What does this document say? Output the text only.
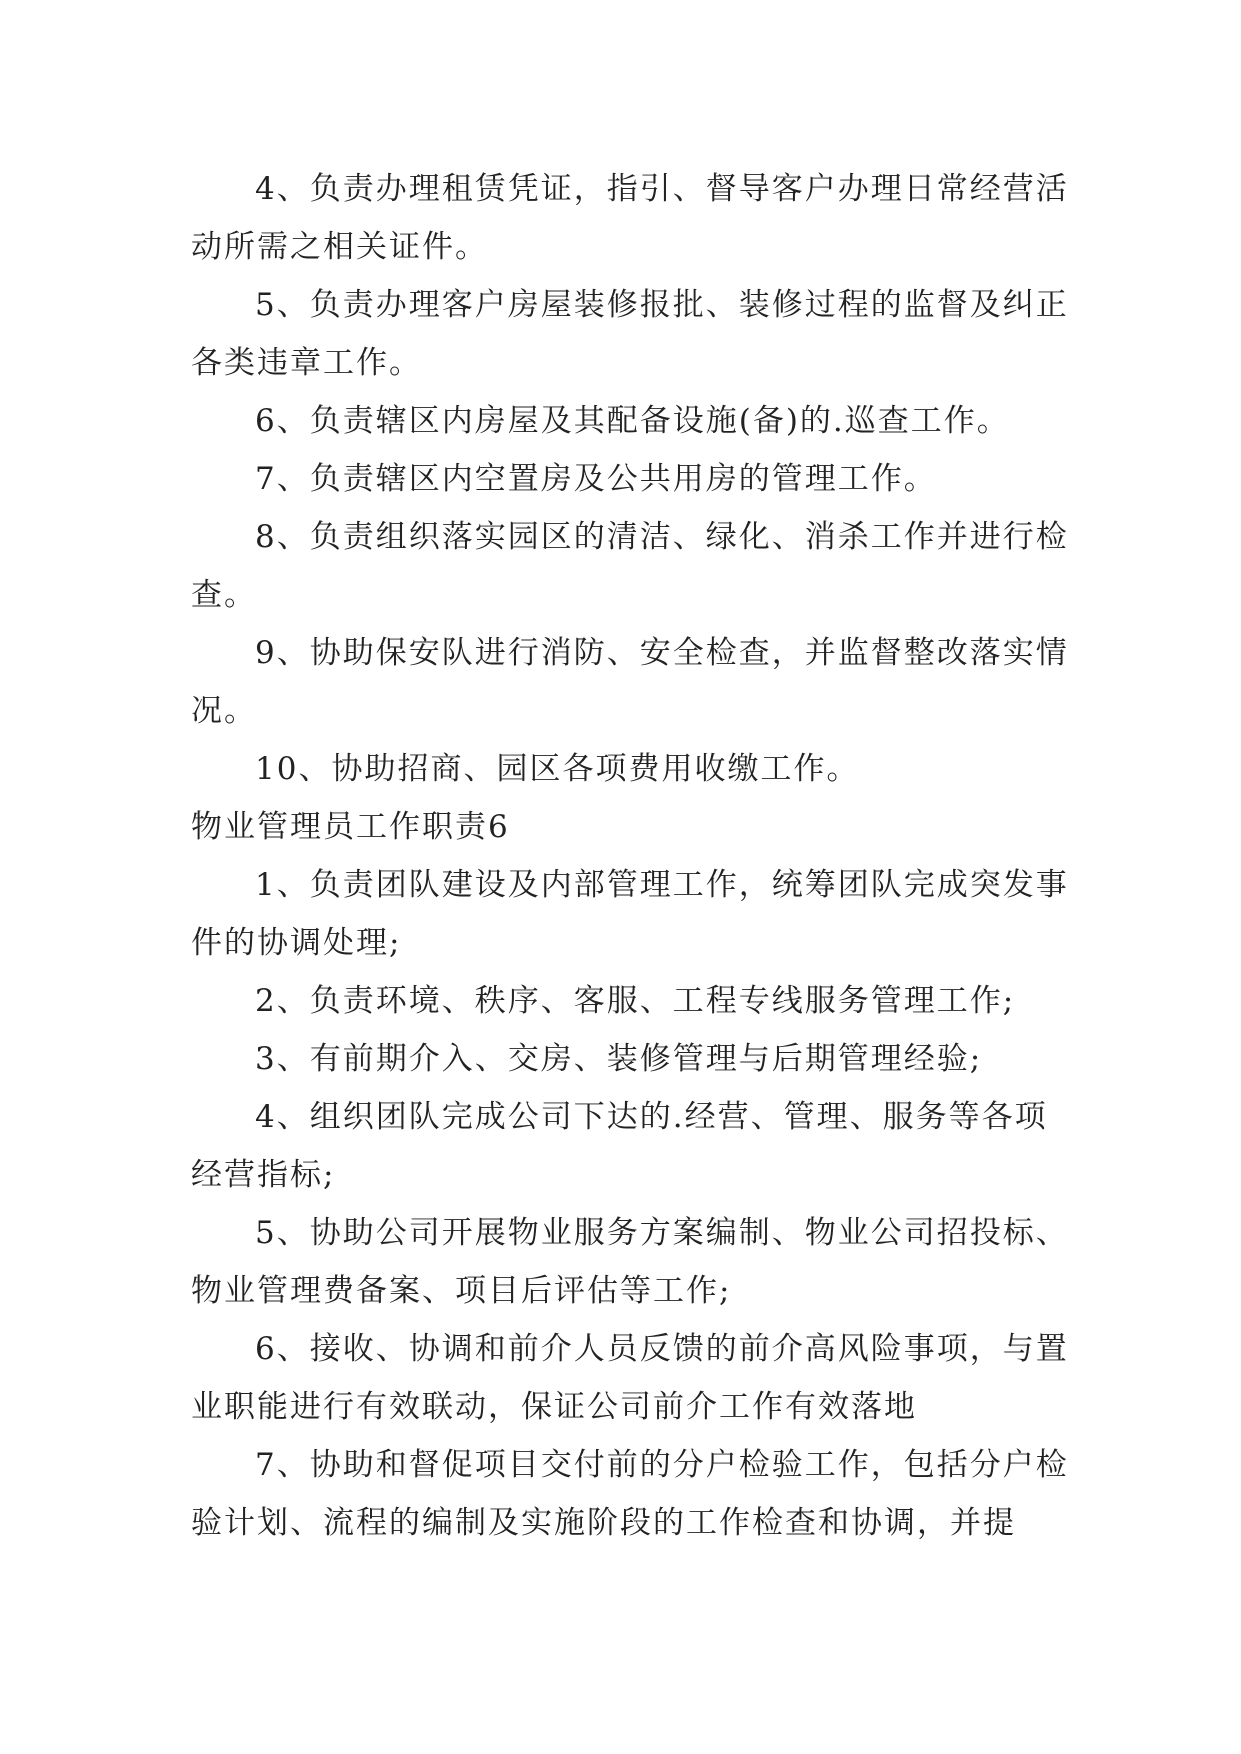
4、负责办理租赁凭证，指引、督导客户办理日常经营活动所需之相关证件。

5、负责办理客户房屋装修报批、装修过程的监督及纠正各类违章工作。

6、负责辖区内房屋及其配备设施(备)的.巡查工作。

7、负责辖区内空置房及公共用房的管理工作。

8、负责组织落实园区的清洁、绿化、消杀工作并进行检查。

9、协助保安队进行消防、安全检查，并监督整改落实情况。

10、协助招商、园区各项费用收缴工作。

物业管理员工作职责6

1、负责团队建设及内部管理工作，统筹团队完成突发事件的协调处理;

2、负责环境、秩序、客服、工程专线服务管理工作;

3、有前期介入、交房、装修管理与后期管理经验;

4、组织团队完成公司下达的.经营、管理、服务等各项经营指标;

5、协助公司开展物业服务方案编制、物业公司招投标、物业管理费备案、项目后评估等工作;

6、接收、协调和前介人员反馈的前介高风险事项，与置业职能进行有效联动，保证公司前介工作有效落地

7、协助和督促项目交付前的分户检验工作，包括分户检验计划、流程的编制及实施阶段的工作检查和协调，并提
